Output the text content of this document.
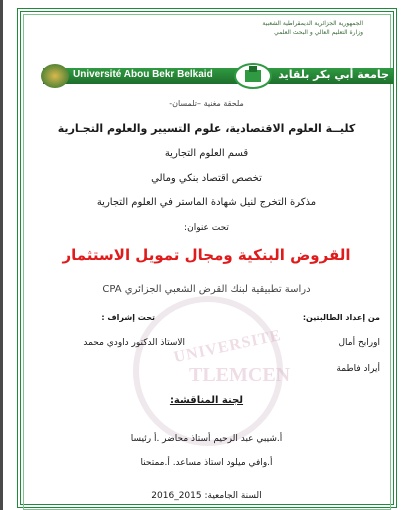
الجمهورية الجزائرية الديمقراطية الشعبية
وزارة التعليم العالي و البحث العلمي
Université Abou Bekr Belkaid	جامعة أبي بكر بلقايد
ملحقة مغنية –تلمسان-
UNIVERSITE
TLEMCEN
كليــة العلوم الاقتصادية، علوم التسيير والعلوم التجـارية
قسم العلوم التجارية
تخصص اقتصاد بنكي ومالي
مذكرة التخرج لنيل شهادة الماستر في العلوم التجارية
تحت عنوان:
القروض البنكية ومجال تمويل الاستثمار
دراسة تطبيقية لبنك القرض الشعبي الجزائري CPA
من إعداد الطالبتين:
تحت إشراف :
اورابح أمال
الاستاذ الدكتور داودي محمد
أيراد فاطمة
لجنة المناقشة:
أ.شيبي عبد الرحيم أستاذ محاضر .أ رئيسا
أ.وافي ميلود استاذ مساعد. أ.ممتحنا
السنة الجامعية: 2015_2016
